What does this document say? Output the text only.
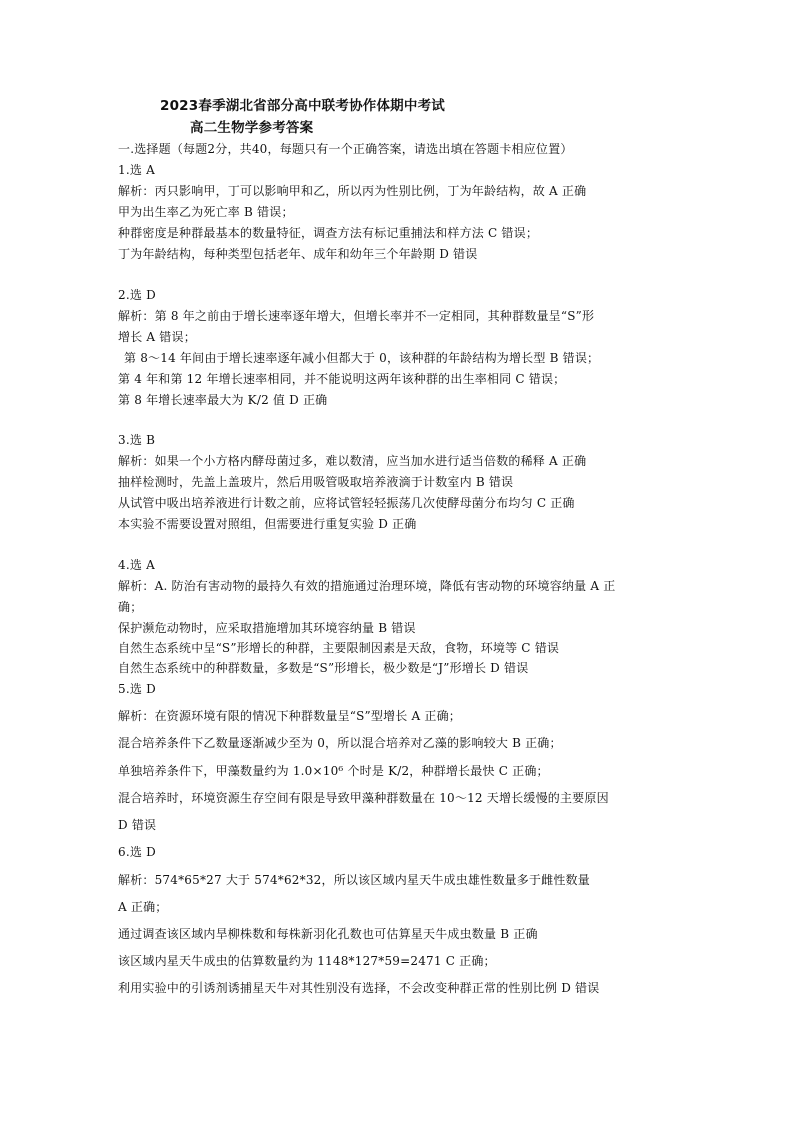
2023春季湖北省部分高中联考协作体期中考试
高二生物学参考答案
一.选择题（每题2分，共40，每题只有一个正确答案，请选出填在答题卡相应位置）
1.选 A
解析：丙只影响甲，丁可以影响甲和乙，所以丙为性别比例，丁为年龄结构，故 A 正确
甲为出生率乙为死亡率 B 错误；
种群密度是种群最基本的数量特征，调查方法有标记重捕法和样方法 C 错误；
丁为年龄结构，每种类型包括老年、成年和幼年三个年龄期 D 错误
2.选 D
解析：第 8 年之前由于增长速率逐年增大，但增长率并不一定相同，其种群数量呈“S”形
增长 A 错误；
第 8～14 年间由于增长速率逐年减小但都大于 0，该种群的年龄结构为增长型 B 错误；
第 4 年和第 12 年增长速率相同，并不能说明这两年该种群的出生率相同 C 错误；
第 8 年增长速率最大为 K/2 值 D 正确
3.选 B
解析：如果一个小方格内酵母菌过多，难以数清，应当加水进行适当倍数的稀释 A 正确
抽样检测时，先盖上盖玻片，然后用吸管吸取培养液滴于计数室内 B 错误
从试管中吸出培养液进行计数之前，应将试管轻轻振荡几次使酵母菌分布均匀 C 正确
本实验不需要设置对照组，但需要进行重复实验 D 正确
4.选 A
解析：A. 防治有害动物的最持久有效的措施通过治理环境，降低有害动物的环境容纳量 A 正
确；
保护濒危动物时，应采取措施增加其环境容纳量 B 错误
自然生态系统中呈“S”形增长的种群，主要限制因素是天敌，食物，环境等 C 错误
自然生态系统中的种群数量，多数是“S”形增长，极少数是“J”形增长 D 错误
5.选 D
解析：在资源环境有限的情况下种群数量呈“S”型增长 A 正确；
混合培养条件下乙数量逐渐减少至为 0，所以混合培养对乙藻的影响较大 B 正确；
单独培养条件下，甲藻数量约为 1.0×10⁶ 个时是 K/2，种群增长最快 C 正确；
混合培养时，环境资源生存空间有限是导致甲藻种群数量在 10～12 天增长缓慢的主要原因
D 错误
6.选 D
解析：574*65*27 大于 574*62*32，所以该区域内星天牛成虫雄性数量多于雌性数量
A 正确；
通过调查该区域内旱柳株数和每株新羽化孔数也可估算星天牛成虫数量 B 正确
该区域内星天牛成虫的估算数量约为 1148*127*59=2471 C 正确；
利用实验中的引诱剂诱捕星天牛对其性别没有选择，不会改变种群正常的性别比例 D 错误
